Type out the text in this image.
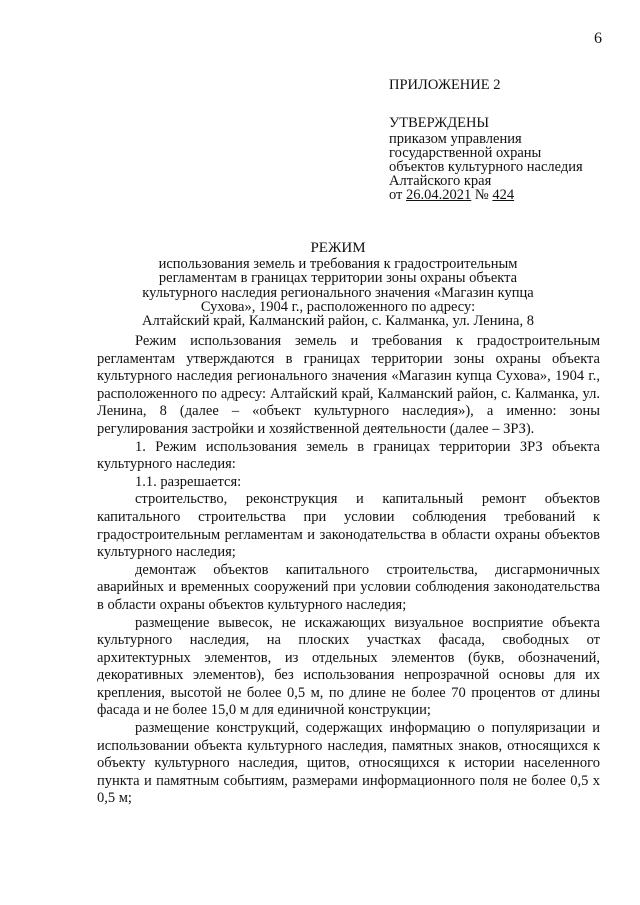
6

ПРИЛОЖЕНИЕ 2

УТВЕРЖДЕНЫ

приказом управления

государственной охраны

объектов культурного наследия

Алтайского края

от 26.04.2021 № 424

РЕЖИМ

использования земель и требования к градостроительным

регламентам в границах территории зоны охраны объекта

культурного наследия регионального значения «Магазин купца

Сухова», 1904 г., расположенного по адресу:

Алтайский край, Калманский район, с. Калманка, ул. Ленина, 8

Режим использования земель и требования к градостроительным регламентам утверждаются в границах территории зоны охраны объекта культурного наследия регионального значения «Магазин купца Сухова», 1904 г., расположенного по адресу: Алтайский край, Калманский район, с. Калманка, ул. Ленина, 8 (далее – «объект культурного наследия»), а именно: зоны регулирования застройки и хозяйственной деятельности (далее – ЗРЗ).

1. Режим использования земель в границах территории ЗРЗ объекта культурного наследия:

1.1. разрешается:

строительство, реконструкция и капитальный ремонт объектов капитального строительства при условии соблюдения требований к градостроительным регламентам и законодательства в области охраны объектов культурного наследия;

демонтаж объектов капитального строительства, дисгармоничных аварийных и временных сооружений при условии соблюдения законодательства в области охраны объектов культурного наследия;

размещение вывесок, не искажающих визуальное восприятие объекта культурного наследия, на плоских участках фасада, свободных от архитектурных элементов, из отдельных элементов (букв, обозначений, декоративных элементов), без использования непрозрачной основы для их крепления, высотой не более 0,5 м, по длине не более 70 процентов от длины фасада и не более 15,0 м для единичной конструкции;

размещение конструкций, содержащих информацию о популяризации и использовании объекта культурного наследия, памятных знаков, относящихся к объекту культурного наследия, щитов, относящихся к истории населенного пункта и памятным событиям, размерами информационного поля не более 0,5 х 0,5 м;
